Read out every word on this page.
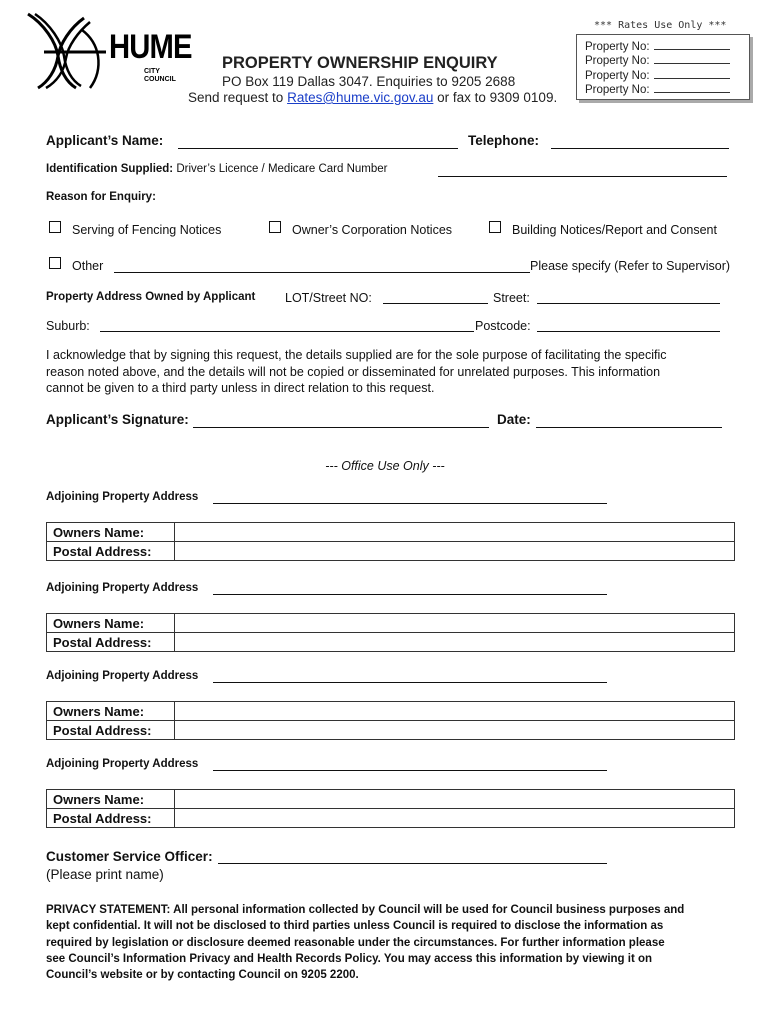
HUME
CITY COUNCIL
PROPERTY OWNERSHIP ENQUIRY
PO Box 119 Dallas 3047. Enquiries to 9205 2688
Send request to Rates@hume.vic.gov.au or fax to 9309 0109.
*** Rates Use Only ***
Property No:
Property No:
Property No:
Property No:
Applicant’s Name:	Telephone:
Identification Supplied: Driver’s Licence / Medicare Card Number
Reason for Enquiry:
Serving of Fencing Notices	Owner’s Corporation Notices	Building Notices/Report and Consent
Other	Please specify (Refer to Supervisor)
Property Address Owned by Applicant LOT/Street NO:	Street:
Suburb:	Postcode:
I acknowledge that by signing this request, the details supplied are for the sole purpose of facilitating the specific
reason noted above, and the details will not be copied or disseminated for unrelated purposes. This information
cannot be given to a third party unless in direct relation to this request.
Applicant’s Signature:	Date:
--- Office Use Only ---
Adjoining Property Address
Owners Name:	
Postal Address:	
Adjoining Property Address
Owners Name:	
Postal Address:	
Adjoining Property Address
Owners Name:	
Postal Address:	
Adjoining Property Address
Owners Name:	
Postal Address:	
Customer Service Officer:
(Please print name)
PRIVACY STATEMENT: All personal information collected by Council will be used for Council business purposes and
kept confidential. It will not be disclosed to third parties unless Council is required to disclose the information as
required by legislation or disclosure deemed reasonable under the circumstances. For further information please
see Council’s Information Privacy and Health Records Policy. You may access this information by viewing it on
Council’s website or by contacting Council on 9205 2200.
